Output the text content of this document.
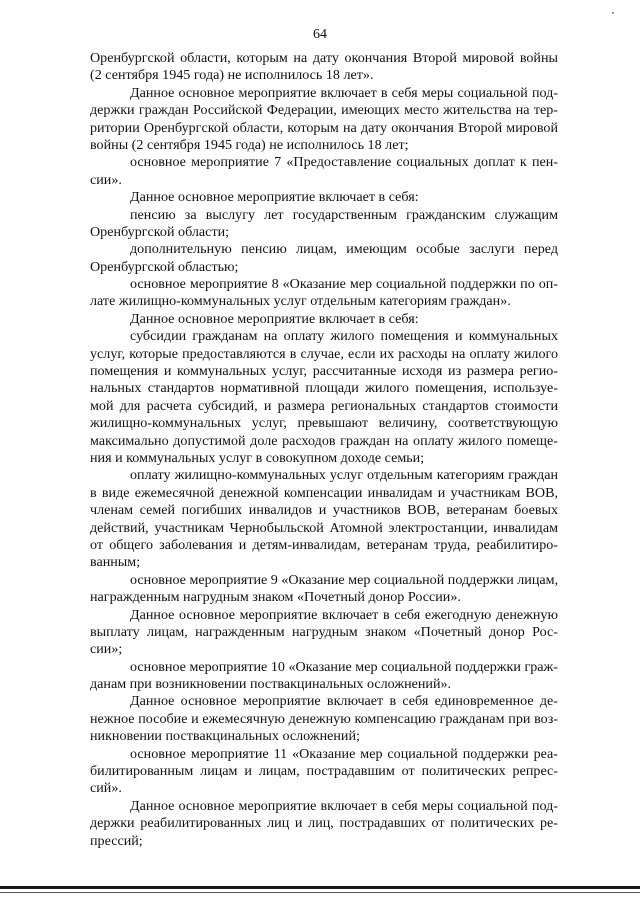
64
Оренбургской области, которым на дату окончания Второй мировой войны
(2 сентября 1945 года) не исполнилось 18 лет».
Данное основное мероприятие включает в себя меры социальной под-
держки граждан Российской Федерации, имеющих место жительства на тер-
ритории Оренбургской области, которым на дату окончания Второй мировой
войны (2 сентября 1945 года) не исполнилось 18 лет;
основное мероприятие 7 «Предоставление социальных доплат к пен-
сии».
Данное основное мероприятие включает в себя:
пенсию за выслугу лет государственным гражданским служащим
Оренбургской области;
дополнительную пенсию лицам, имеющим особые заслуги перед
Оренбургской областью;
основное мероприятие 8 «Оказание мер социальной поддержки по оп-
лате жилищно-коммунальных услуг отдельным категориям граждан».
Данное основное мероприятие включает в себя:
субсидии гражданам на оплату жилого помещения и коммунальных
услуг, которые предоставляются в случае, если их расходы на оплату жилого
помещения и коммунальных услуг, рассчитанные исходя из размера регио-
нальных стандартов нормативной площади жилого помещения, используе-
мой для расчета субсидий, и размера региональных стандартов стоимости
жилищно-коммунальных услуг, превышают величину, соответствующую
максимально допустимой доле расходов граждан на оплату жилого помеще-
ния и коммунальных услуг в совокупном доходе семьи;
оплату жилищно-коммунальных услуг отдельным категориям граждан
в виде ежемесячной денежной компенсации инвалидам и участникам ВОВ,
членам семей погибших инвалидов и участников ВОВ, ветеранам боевых
действий, участникам Чернобыльской Атомной электростанции, инвалидам
от общего заболевания и детям-инвалидам, ветеранам труда, реабилитиро-
ванным;
основное мероприятие 9 «Оказание мер социальной поддержки лицам,
награжденным нагрудным знаком «Почетный донор России».
Данное основное мероприятие включает в себя ежегодную денежную
выплату лицам, награжденным нагрудным знаком «Почетный донор Рос-
сии»;
основное мероприятие 10 «Оказание мер социальной поддержки граж-
данам при возникновении поствакцинальных осложнений».
Данное основное мероприятие включает в себя единовременное де-
нежное пособие и ежемесячную денежную компенсацию гражданам при воз-
никновении поствакцинальных осложнений;
основное мероприятие 11 «Оказание мер социальной поддержки реа-
билитированным лицам и лицам, пострадавшим от политических репрес-
сий».
Данное основное мероприятие включает в себя меры социальной под-
держки реабилитированных лиц и лиц, пострадавших от политических ре-
прессий;
